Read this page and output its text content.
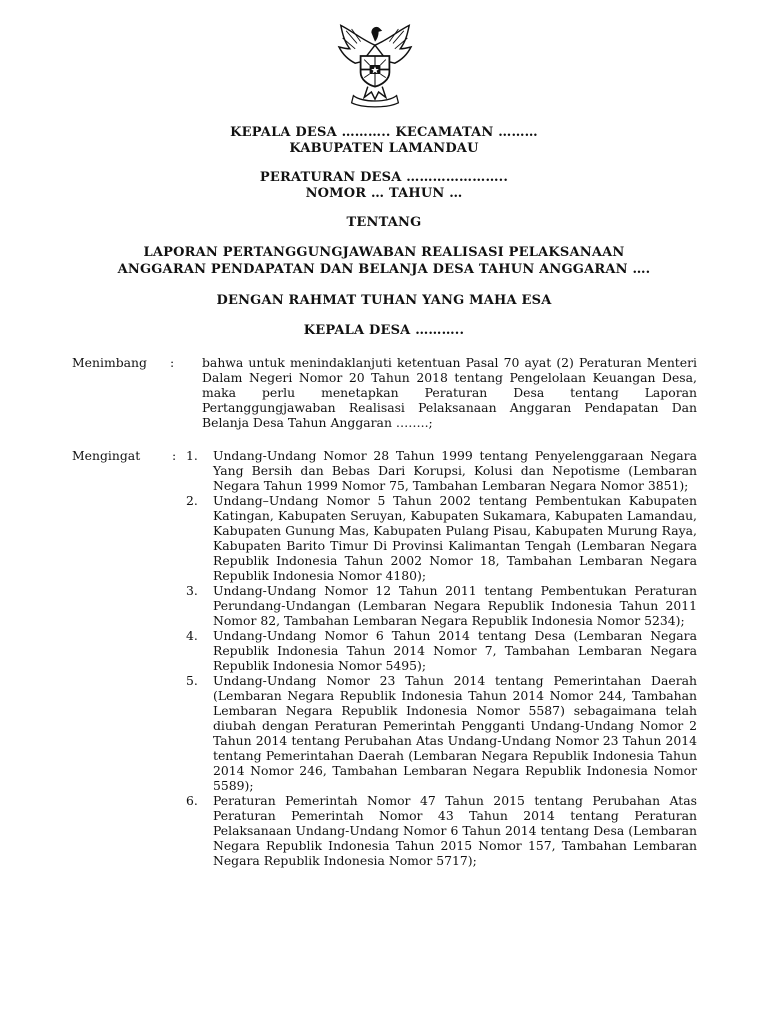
KEPALA DESA ……….. KECAMATAN ………
KABUPATEN LAMANDAU
PERATURAN DESA …………………..
NOMOR … TAHUN …
TENTANG
LAPORAN PERTANGGUNGJAWABAN REALISASI PELAKSANAAN
ANGGARAN PENDAPATAN DAN BELANJA DESA TAHUN ANGGARAN ….
DENGAN RAHMAT TUHAN YANG MAHA ESA
KEPALA DESA ………..
Menimbang : bahwa untuk menindaklanjuti ketentuan Pasal 70 ayat (2) Peraturan Menteri Dalam Negeri Nomor 20 Tahun 2018 tentang Pengelolaan Keuangan Desa, maka perlu menetapkan Peraturan Desa tentang Laporan Pertanggungjawaban Realisasi Pelaksanaan Anggaran Pendapatan Dan Belanja Desa Tahun Anggaran ……..;
Mengingat	: 1.	Undang-Undang Nomor 28 Tahun 1999 tentang Penyelenggaraan Negara Yang Bersih dan Bebas Dari Korupsi, Kolusi dan Nepotisme (Lembaran Negara Tahun 1999 Nomor 75, Tambahan Lembaran Negara Nomor 3851);
2.	Undang–Undang Nomor 5 Tahun 2002 tentang Pembentukan Kabupaten Katingan, Kabupaten Seruyan, Kabupaten Sukamara, Kabupaten Lamandau, Kabupaten Gunung Mas, Kabupaten Pulang Pisau, Kabupaten Murung Raya, Kabupaten Barito Timur Di Provinsi Kalimantan Tengah (Lembaran Negara Republik Indonesia Tahun 2002 Nomor 18, Tambahan Lembaran Negara Republik Indonesia Nomor 4180);
3.	Undang-Undang Nomor 12 Tahun 2011 tentang Pembentukan Peraturan Perundang-Undangan (Lembaran Negara Republik Indonesia Tahun 2011 Nomor 82, Tambahan Lembaran Negara Republik Indonesia Nomor 5234);
4.	Undang-Undang Nomor 6 Tahun 2014 tentang Desa (Lembaran Negara Republik Indonesia Tahun 2014 Nomor 7, Tambahan Lembaran Negara Republik Indonesia Nomor 5495);
5.	Undang-Undang Nomor 23 Tahun 2014 tentang Pemerintahan Daerah (Lembaran Negara Republik Indonesia Tahun 2014 Nomor 244, Tambahan Lembaran Negara Republik Indonesia Nomor 5587) sebagaimana telah diubah dengan Peraturan Pemerintah Pengganti Undang-Undang Nomor 2 Tahun 2014 tentang Perubahan Atas Undang-Undang Nomor 23 Tahun 2014 tentang Pemerintahan Daerah (Lembaran Negara Republik Indonesia Tahun 2014 Nomor 246, Tambahan Lembaran Negara Republik Indonesia Nomor 5589);
6.	Peraturan Pemerintah Nomor 47 Tahun 2015 tentang Perubahan Atas Peraturan Pemerintah Nomor 43 Tahun 2014 tentang Peraturan Pelaksanaan Undang-Undang Nomor 6 Tahun 2014 tentang Desa (Lembaran Negara Republik Indonesia Tahun 2015 Nomor 157, Tambahan Lembaran Negara Republik Indonesia Nomor 5717);
